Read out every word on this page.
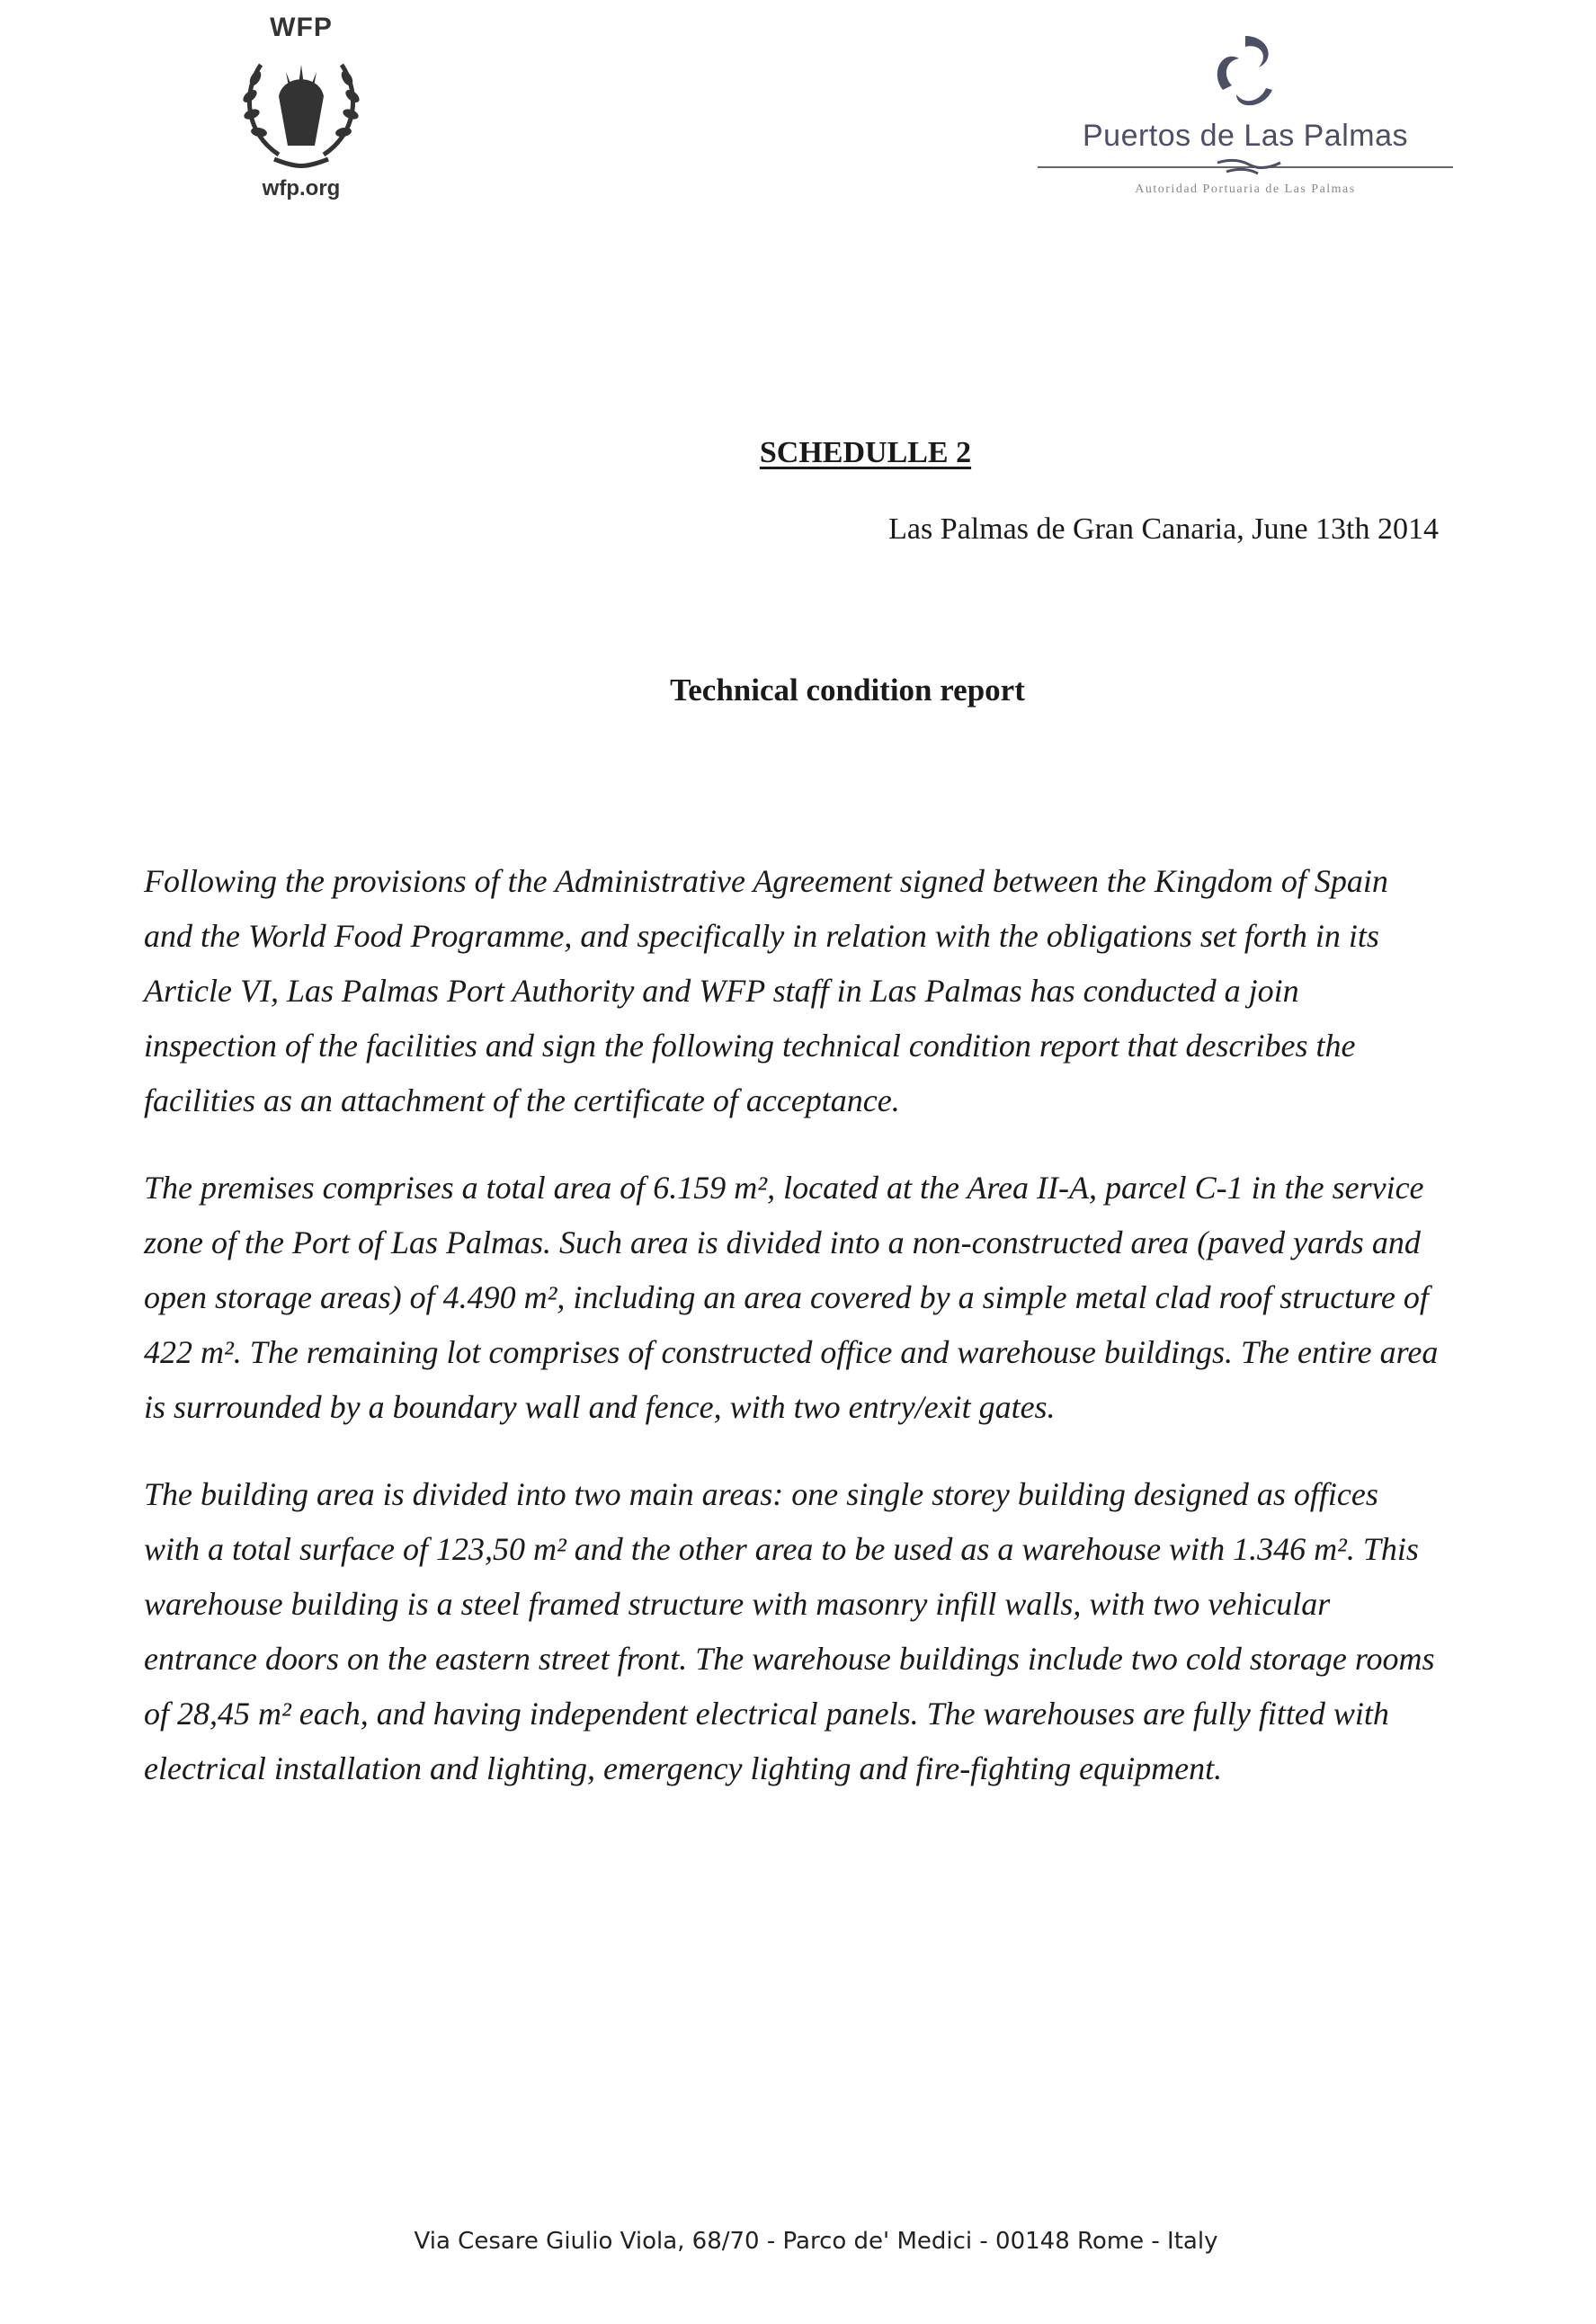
WFP
wfp.org
Puertos de Las Palmas
Autoridad Portuaria de Las Palmas
SCHEDULLE 2
Las Palmas de Gran Canaria, June 13th 2014
Technical condition report

Following the provisions of the Administrative Agreement signed between the Kingdom of Spain and the World Food Programme, and specifically in relation with the obligations set forth in its Article VI, Las Palmas Port Authority and WFP staff in Las Palmas has conducted a join inspection of the facilities and sign the following technical condition report that describes the facilities as an attachment of the certificate of acceptance.

The premises comprises a total area of 6.159 m², located at the Area II-A, parcel C-1 in the service zone of the Port of Las Palmas. Such area is divided into a non-constructed area (paved yards and open storage areas) of 4.490 m², including an area covered by a simple metal clad roof structure of 422 m². The remaining lot comprises of constructed office and warehouse buildings. The entire area is surrounded by a boundary wall and fence, with two entry/exit gates.

The building area is divided into two main areas: one single storey building designed as offices with a total surface of 123,50 m² and the other area to be used as a warehouse with 1.346 m². This warehouse building is a steel framed structure with masonry infill walls, with two vehicular entrance doors on the eastern street front. The warehouse buildings include two cold storage rooms of 28,45 m² each, and having independent electrical panels. The warehouses are fully fitted with electrical installation and lighting, emergency lighting and fire-fighting equipment.

Via Cesare Giulio Viola, 68/70 - Parco de' Medici - 00148 Rome - Italy
